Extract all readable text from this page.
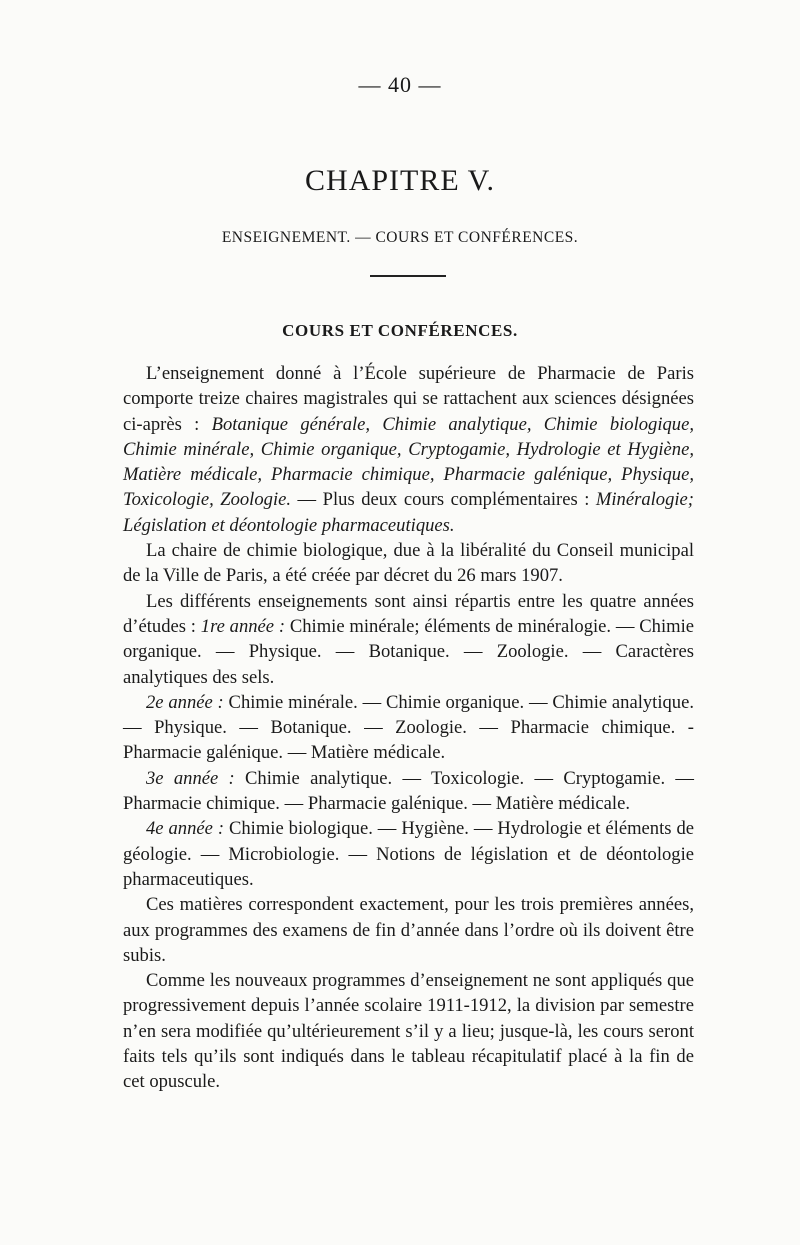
— 40 —
CHAPITRE V.
ENSEIGNEMENT. — COURS ET CONFÉRENCES.
COURS ET CONFÉRENCES.

L’enseignement donné à l’École supérieure de Pharmacie de Paris comporte treize chaires magistrales qui se rattachent aux sciences désignées ci-après : Botanique générale, Chimie analytique, Chimie biologique, Chimie minérale, Chimie organique, Cryptogamie, Hydrologie et Hygiène, Matière médicale, Pharmacie chimique, Pharmacie galénique, Physique, Toxicologie, Zoologie. — Plus deux cours complémentaires : Minéralogie; Législation et déontologie pharmaceutiques.

La chaire de chimie biologique, due à la libéralité du Conseil municipal de la Ville de Paris, a été créée par décret du 26 mars 1907.

Les différents enseignements sont ainsi répartis entre les quatre années d’études : 1re année : Chimie minérale; éléments de minéralogie. — Chimie organique. — Physique. — Botanique. — Zoologie. — Caractères analytiques des sels.

2e année : Chimie minérale. — Chimie organique. — Chimie analytique. — Physique. — Botanique. — Zoologie. — Pharmacie chimique. - Pharmacie galénique. — Matière médicale.

3e année : Chimie analytique. — Toxicologie. — Cryptogamie. — Pharmacie chimique. — Pharmacie galénique. — Matière médicale.

4e année : Chimie biologique. — Hygiène. — Hydrologie et éléments de géologie. — Microbiologie. — Notions de législation et de déontologie pharmaceutiques.

Ces matières correspondent exactement, pour les trois premières années, aux programmes des examens de fin d’année dans l’ordre où ils doivent être subis.

Comme les nouveaux programmes d’enseignement ne sont appliqués que progressivement depuis l’année scolaire 1911-1912, la division par semestre n’en sera modifiée qu’ultérieurement s’il y a lieu; jusque-là, les cours seront faits tels qu’ils sont indiqués dans le tableau récapitulatif placé à la fin de cet opuscule.
